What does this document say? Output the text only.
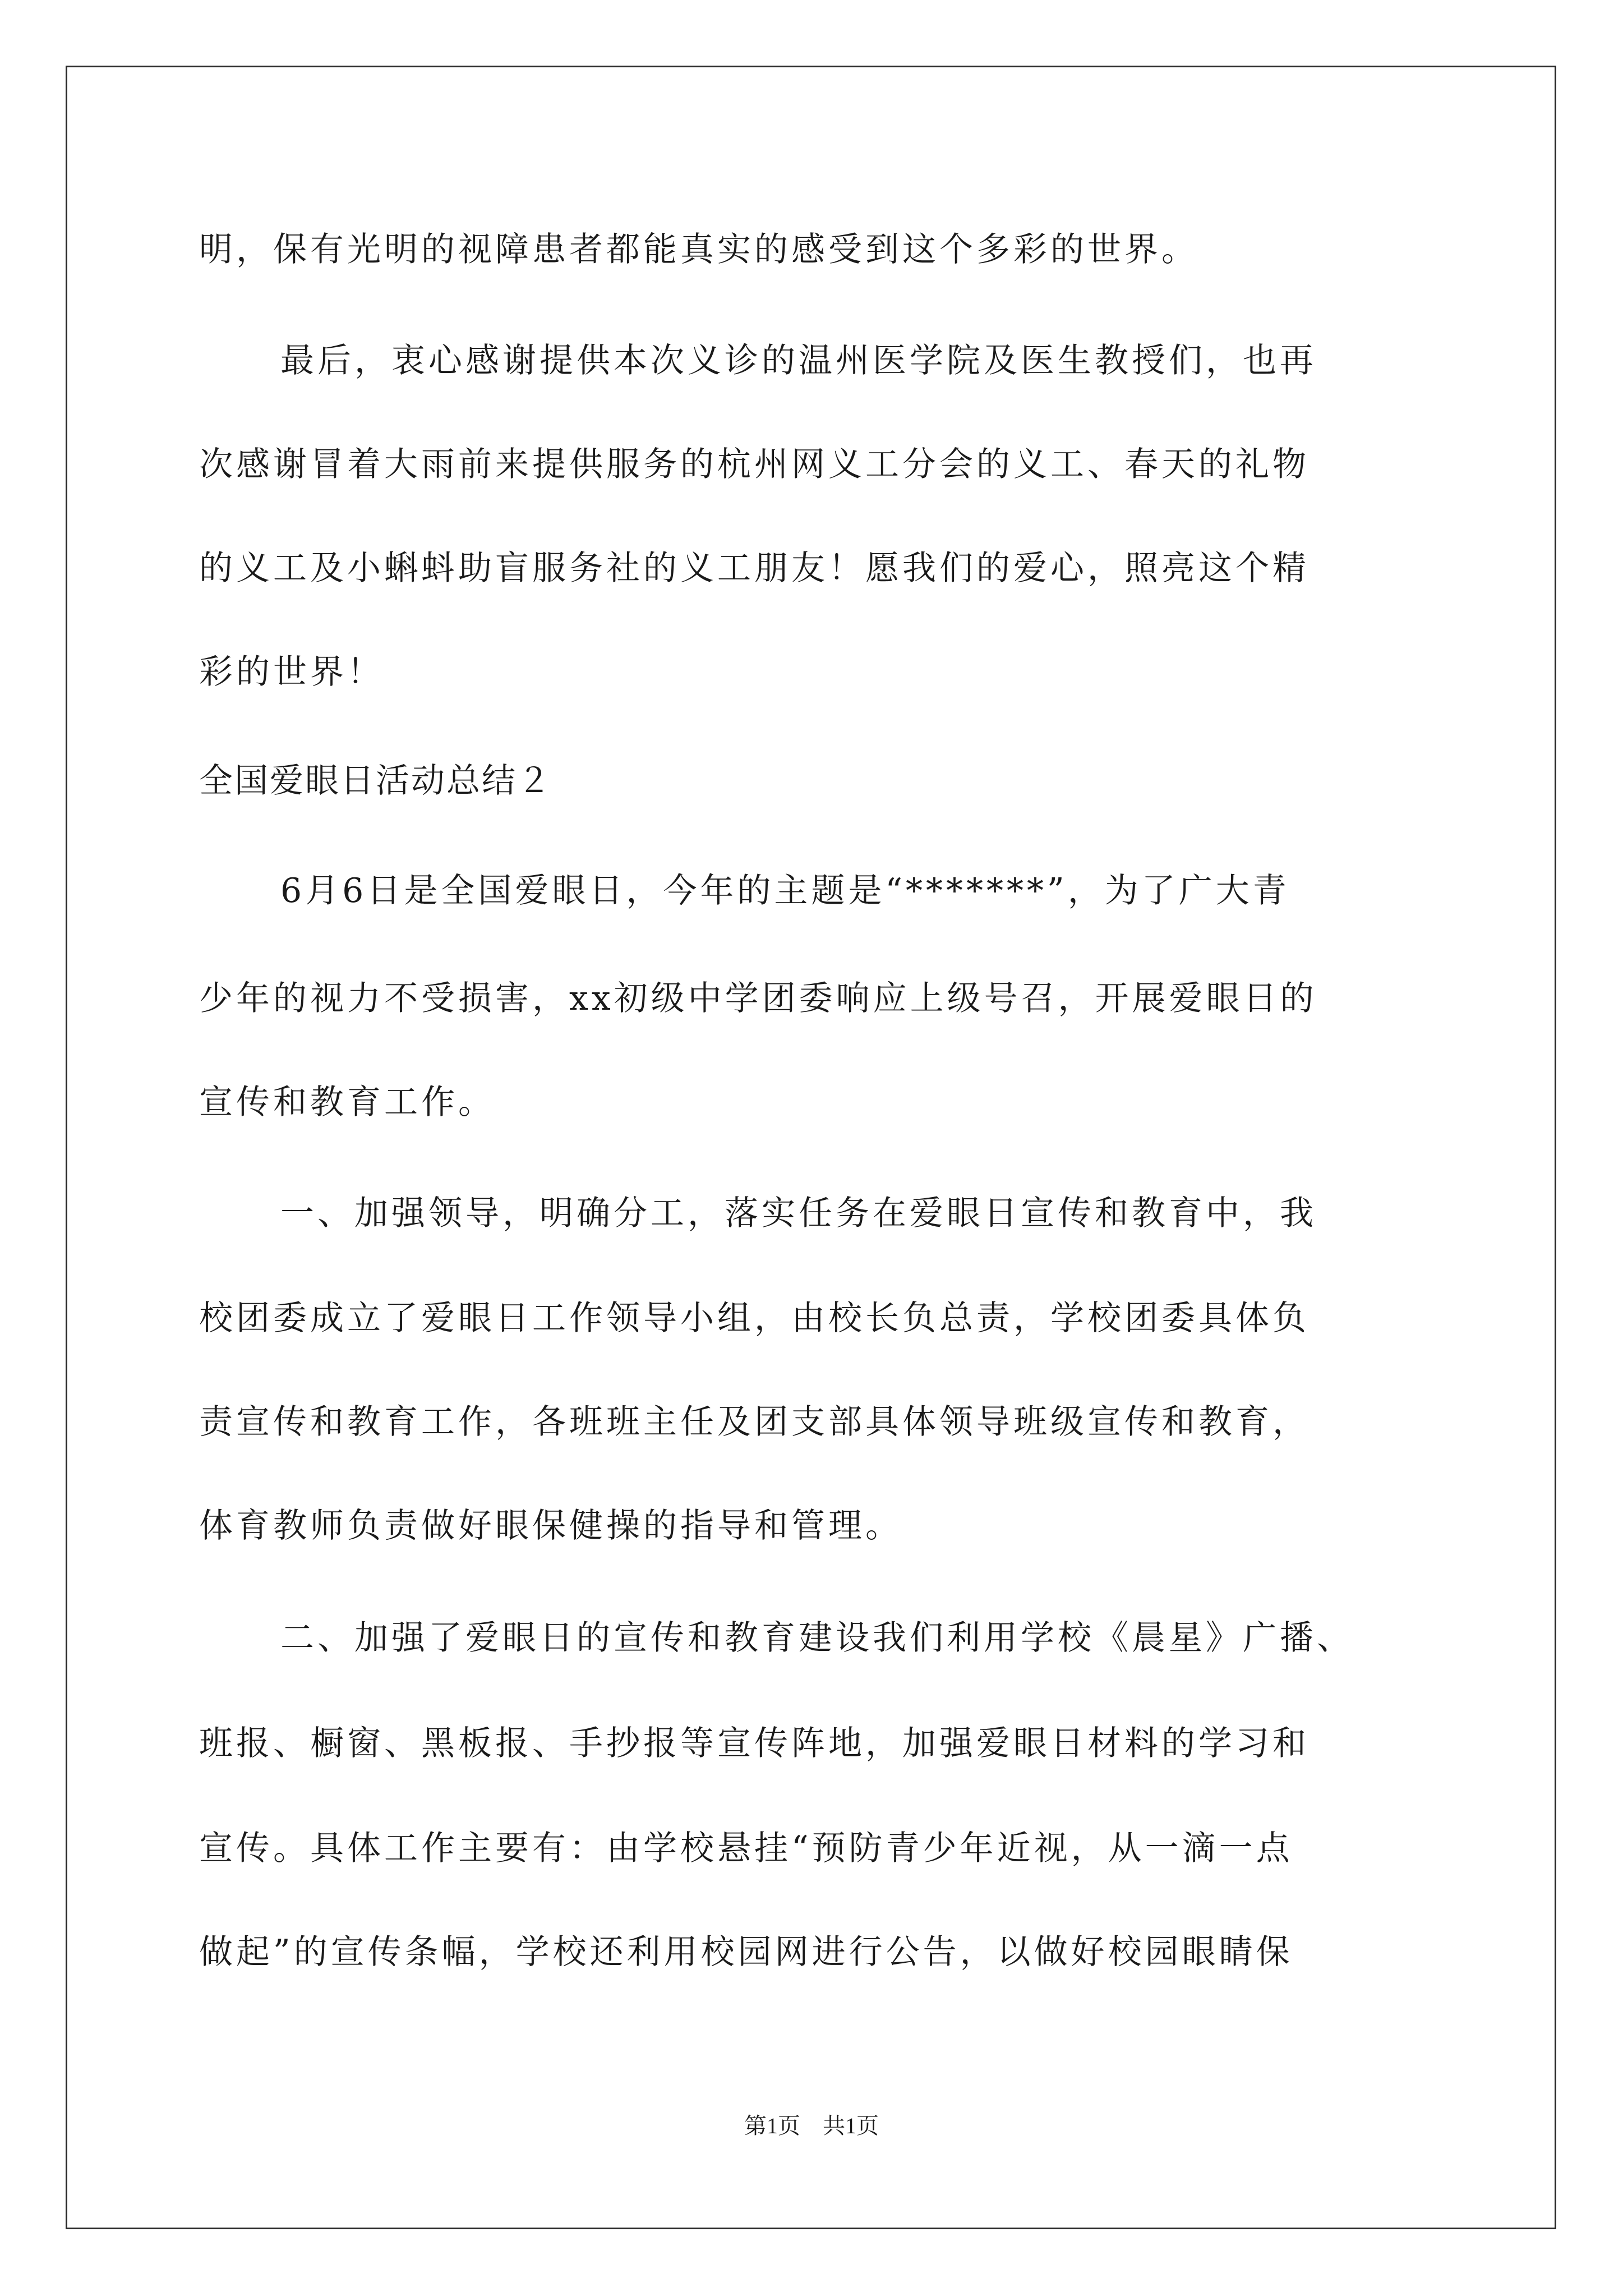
明，保有光明的视障患者都能真实的感受到这个多彩的世界。
最后，衷心感谢提供本次义诊的温州医学院及医生教授们，也再
次感谢冒着大雨前来提供服务的杭州网义工分会的义工、春天的礼物
的义工及小蝌蚪助盲服务社的义工朋友！愿我们的爱心，照亮这个精
彩的世界！
全国爱眼日活动总结２
6月6日是全国爱眼日，今年的主题是“*******”，为了广大青
少年的视力不受损害，xx初级中学团委响应上级号召，开展爱眼日的
宣传和教育工作。
一、加强领导，明确分工，落实任务在爱眼日宣传和教育中，我
校团委成立了爱眼日工作领导小组，由校长负总责，学校团委具体负
责宣传和教育工作，各班班主任及团支部具体领导班级宣传和教育，
体育教师负责做好眼保健操的指导和管理。
二、加强了爱眼日的宣传和教育建设我们利用学校《晨星》广播、
班报、橱窗、黑板报、手抄报等宣传阵地，加强爱眼日材料的学习和
宣传。具体工作主要有：由学校悬挂“预防青少年近视，从一滴一点
做起”的宣传条幅，学校还利用校园网进行公告，以做好校园眼睛保
第1页 共1页
